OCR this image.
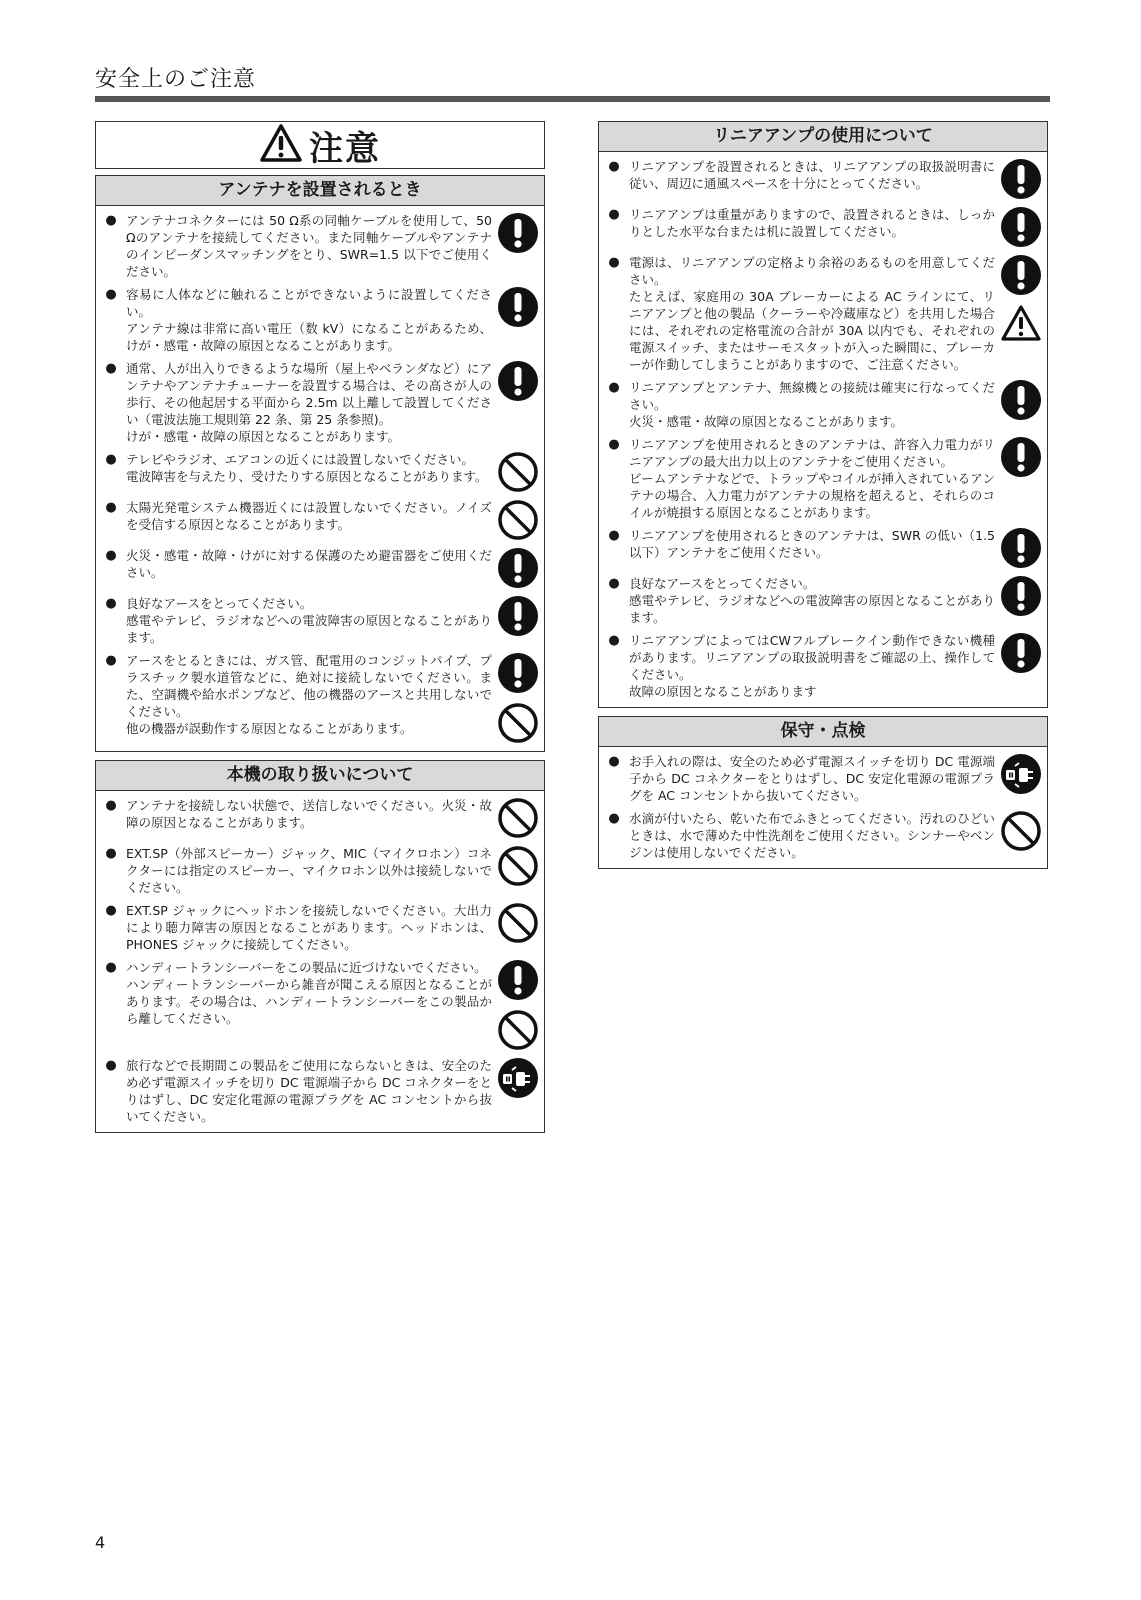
安全上のご注意
注意
アンテナを設置されるとき
● アンテナコネクターには 50 Ω系の同軸ケーブルを使用して、50 Ωのアンテナを接続してください。また同軸ケーブルやアンテナのインピーダンスマッチングをとり、SWR=1.5 以下でご使用ください。
● 容易に人体などに触れることができないように設置してください。
アンテナ線は非常に高い電圧（数 kV）になることがあるため、けが・感電・故障の原因となることがあります。
● 通常、人が出入りできるような場所（屋上やベランダなど）にアンテナやアンテナチューナーを設置する場合は、その高さが人の歩行、その他起居する平面から 2.5m 以上離して設置してください（電波法施工規則第 22 条、第 25 条参照)。
けが・感電・故障の原因となることがあります。
● テレビやラジオ、エアコンの近くには設置しないでください。
電波障害を与えたり、受けたりする原因となることがあります。
● 太陽光発電システム機器近くには設置しないでください。ノイズを受信する原因となることがあります。
● 火災・感電・故障・けがに対する保護のため避雷器をご使用ください。
● 良好なアースをとってください。
感電やテレビ、ラジオなどへの電波障害の原因となることがあります。
● アースをとるときには、ガス管、配電用のコンジットパイプ、プラスチック製水道管などに、絶対に接続しないでください。また、空調機や給水ポンプなど、他の機器のアースと共用しないでください。
他の機器が誤動作する原因となることがあります。
本機の取り扱いについて
● アンテナを接続しない状態で、送信しないでください。火災・故障の原因となることがあります。
● EXT.SP（外部スピーカー）ジャック、MIC（マイクロホン）コネクターには指定のスピーカー、マイクロホン以外は接続しないでください。
● EXT.SP ジャックにヘッドホンを接続しないでください。大出力により聴力障害の原因となることがあります。ヘッドホンは、PHONES ジャックに接続してください。
● ハンディートランシーバーをこの製品に近づけないでください。
ハンディートランシーバーから雑音が聞こえる原因となることがあります。その場合は、ハンディートランシーバーをこの製品から離してください。
● 旅行などで長期間この製品をご使用にならないときは、安全のため必ず電源スイッチを切り DC 電源端子から DC コネクターをとりはずし、DC 安定化電源の電源プラグを AC コンセントから抜いてください。
リニアアンプの使用について
● リニアアンプを設置されるときは、リニアアンプの取扱説明書に従い、周辺に通風スペースを十分にとってください。
● リニアアンプは重量がありますので、設置されるときは、しっかりとした水平な台または机に設置してください。
● 電源は、リニアアンプの定格より余裕のあるものを用意してください。
たとえば、家庭用の 30A ブレーカーによる AC ラインにて、リニアアンプと他の製品（クーラーや冷蔵庫など）を共用した場合には、それぞれの定格電流の合計が 30A 以内でも、それぞれの電源スイッチ、またはサーモスタットが入った瞬間に、ブレーカーが作動してしまうことがありますので、ご注意ください。
● リニアアンプとアンテナ、無線機との接続は確実に行なってください。
火災・感電・故障の原因となることがあります。
● リニアアンプを使用されるときのアンテナは、許容入力電力がリニアアンプの最大出力以上のアンテナをご使用ください。
ビームアンテナなどで、トラップやコイルが挿入されているアンテナの場合、入力電力がアンテナの規格を超えると、それらのコイルが焼損する原因となることがあります。
● リニアアンプを使用されるときのアンテナは、SWR の低い（1.5 以下）アンテナをご使用ください。
● 良好なアースをとってください。
感電やテレビ、ラジオなどへの電波障害の原因となることがあります。
● リニアアンプによってはCWフルブレークイン動作できない機種があります。リニアアンプの取扱説明書をご確認の上、操作してください。
故障の原因となることがあります
保守・点検
● お手入れの際は、安全のため必ず電源スイッチを切り DC 電源端子から DC コネクターをとりはずし、DC 安定化電源の電源プラグを AC コンセントから抜いてください。
● 水滴が付いたら、乾いた布でふきとってください。汚れのひどいときは、水で薄めた中性洗剤をご使用ください。シンナーやベンジンは使用しないでください。
4
